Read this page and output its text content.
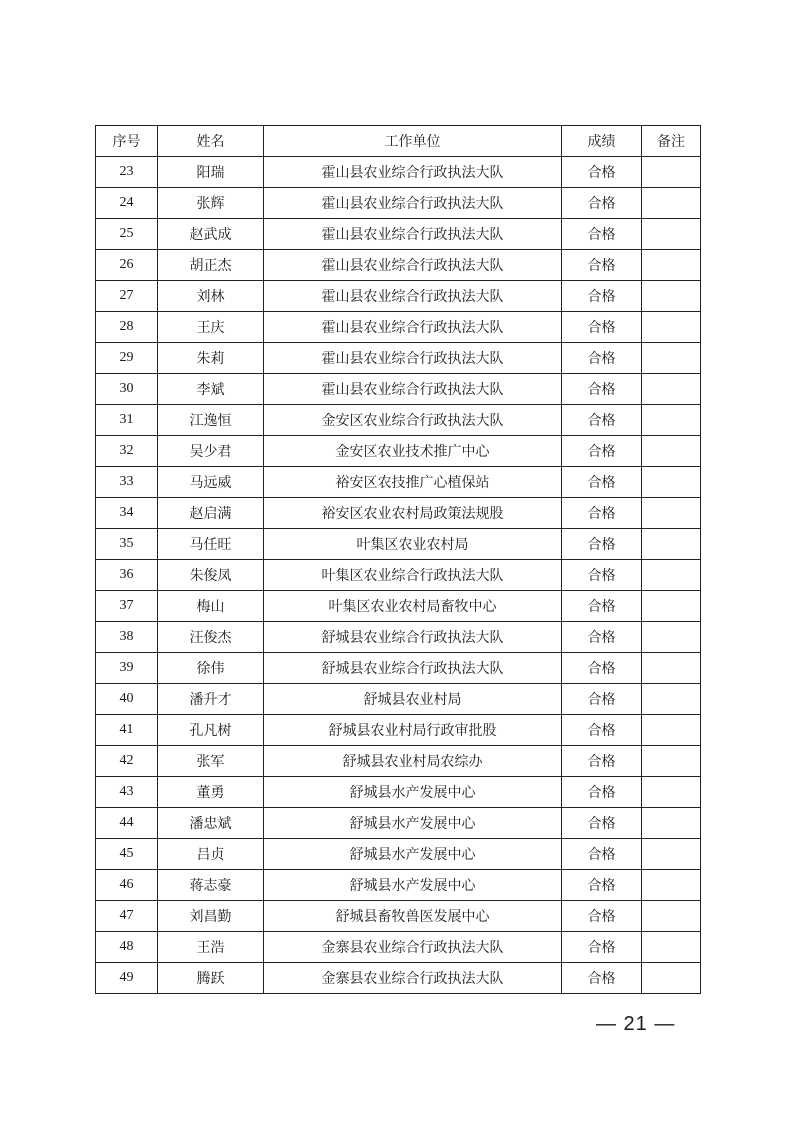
序号	姓名	工作单位	成绩	备注
23	阳瑞	霍山县农业综合行政执法大队	合格	
24	张辉	霍山县农业综合行政执法大队	合格	
25	赵武成	霍山县农业综合行政执法大队	合格	
26	胡正杰	霍山县农业综合行政执法大队	合格	
27	刘林	霍山县农业综合行政执法大队	合格	
28	王庆	霍山县农业综合行政执法大队	合格	
29	朱莉	霍山县农业综合行政执法大队	合格	
30	李斌	霍山县农业综合行政执法大队	合格	
31	江逸恒	金安区农业综合行政执法大队	合格	
32	吴少君	金安区农业技术推广中心	合格	
33	马远威	裕安区农技推广心植保站	合格	
34	赵启满	裕安区农业农村局政策法规股	合格	
35	马任旺	叶集区农业农村局	合格	
36	朱俊凤	叶集区农业综合行政执法大队	合格	
37	梅山	叶集区农业农村局畜牧中心	合格	
38	汪俊杰	舒城县农业综合行政执法大队	合格	
39	徐伟	舒城县农业综合行政执法大队	合格	
40	潘升才	舒城县农业村局	合格	
41	孔凡树	舒城县农业村局行政审批股	合格	
42	张军	舒城县农业村局农综办	合格	
43	董勇	舒城县水产发展中心	合格	
44	潘忠斌	舒城县水产发展中心	合格	
45	吕贞	舒城县水产发展中心	合格	
46	蒋志豪	舒城县水产发展中心	合格	
47	刘昌勤	舒城县畜牧兽医发展中心	合格	
48	王浩	金寨县农业综合行政执法大队	合格	
49	腾跃	金寨县农业综合行政执法大队	合格	
— 21 —
